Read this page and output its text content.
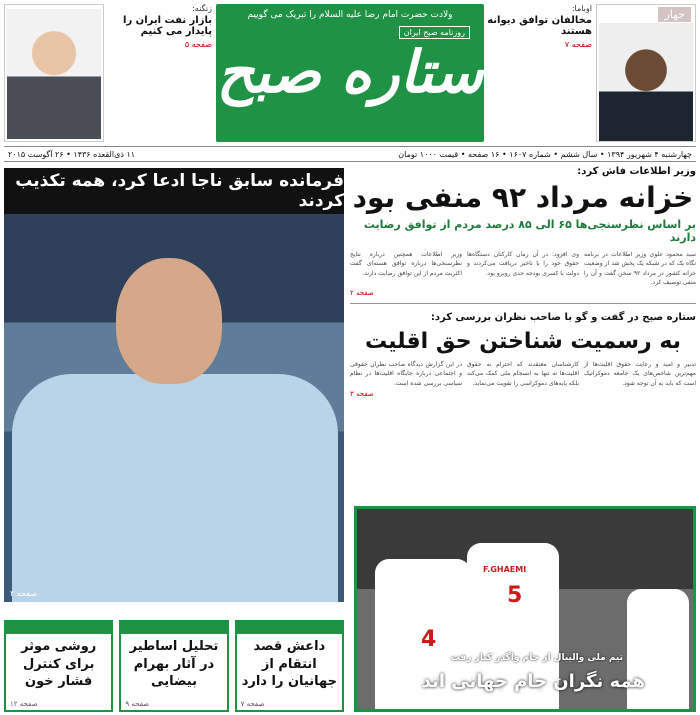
جهار
اوباما:
مخالفان توافق دیوانه هستند
صفحه ۷
ولادت حضرت امام رضا علیه السلام را تبریک می گوییم
روزنامه صبح ایران
ستاره صبح
زنگنه:
بازار نفت ایران را پایدار می کنیم
صفحه ۵
چهارشنبه ۴ شهریور ۱۳۹۴ • سال ششم • شماره ۱۶۰۷ • ۱۶ صفحه • قیمت ۱۰۰۰ تومان
۱۱ ذی‌القعده ۱۴۳۶ • ۲۶ آگوست ۲۰۱۵
فرمانده سابق ناجا ادعا کرد، همه تکذیب کردند
صفحه ۲
داعش قصد انتقام از جهانیان را دارد
صفحه ۷
تحلیل اساطیر در آثار بهرام بیضایی
صفحه ۹
روشی موثر برای کنترل فشار خون
صفحه ۱۲
وزیر اطلاعات فاش کرد:
خزانه مرداد ۹۲ منفی بود
بر اساس نظرسنجی‌ها ۶۵ الی ۸۵ درصد مردم از توافق رضایت دارند

سید محمود علوی وزیر اطلاعات در برنامه نگاه یک که در شبکه یک پخش شد از وضعیت خزانه کشور در مرداد ۹۲ سخن گفت و آن را منفی توصیف کرد.

وی افزود: در آن زمان کارکنان دستگاه‌ها حقوق خود را با تاخیر دریافت می‌کردند و دولت با کسری بودجه جدی روبرو بود.

وزیر اطلاعات همچنین درباره نتایج نظرسنجی‌ها درباره توافق هسته‌ای گفت اکثریت مردم از این توافق رضایت دارند.

صفحه ۲
ستاره صبح در گفت و گو با صاحب نظران بررسی کرد:
به رسمیت شناختن حق اقلیت

تدبیر و امید و رعایت حقوق اقلیت‌ها از مهم‌ترین شاخص‌های یک جامعه دموکراتیک است که باید به آن توجه شود.

کارشناسان معتقدند که احترام به حقوق اقلیت‌ها نه تنها به انسجام ملی کمک می‌کند بلکه پایه‌های دموکراسی را تقویت می‌نماید.

در این گزارش دیدگاه صاحب نظران حقوقی و اجتماعی درباره جایگاه اقلیت‌ها در نظام سیاسی بررسی شده است.

صفحه ۳
4
5
F.GHAEMI
تیم ملی والیبال از جام واگذر کنار رفت
همه نگران جام جهانی اند
صفحه ۱۵
